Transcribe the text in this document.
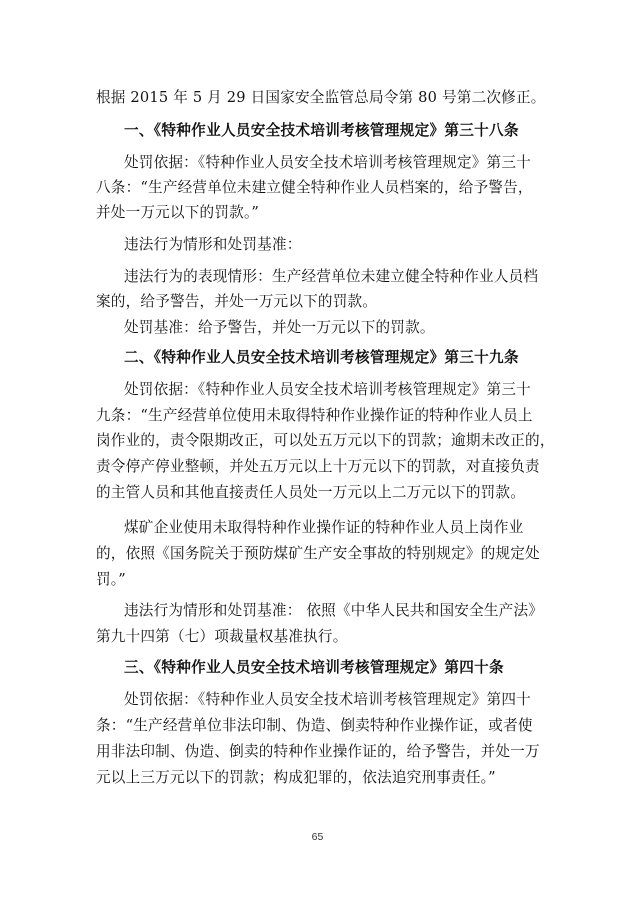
根据 2015 年 5 月 29 日国家安全监管总局令第 80 号第二次修正。
一、《特种作业人员安全技术培训考核管理规定》第三十八条
处罚依据：《特种作业人员安全技术培训考核管理规定》第三十
八条：“生产经营单位未建立健全特种作业人员档案的，给予警告，
并处一万元以下的罚款。”
违法行为情形和处罚基准：
违法行为的表现情形：生产经营单位未建立健全特种作业人员档
案的，给予警告，并处一万元以下的罚款。
处罚基准：给予警告，并处一万元以下的罚款。
二、《特种作业人员安全技术培训考核管理规定》第三十九条
处罚依据：《特种作业人员安全技术培训考核管理规定》第三十
九条：“生产经营单位使用未取得特种作业操作证的特种作业人员上
岗作业的，责令限期改正，可以处五万元以下的罚款；逾期未改正的，
责令停产停业整顿，并处五万元以上十万元以下的罚款，对直接负责
的主管人员和其他直接责任人员处一万元以上二万元以下的罚款。
煤矿企业使用未取得特种作业操作证的特种作业人员上岗作业
的，依照《国务院关于预防煤矿生产安全事故的特别规定》的规定处
罚。”
违法行为情形和处罚基准： 依照《中华人民共和国安全生产法》
第九十四第（七）项裁量权基准执行。
三、《特种作业人员安全技术培训考核管理规定》第四十条
处罚依据：《特种作业人员安全技术培训考核管理规定》第四十
条：“生产经营单位非法印制、伪造、倒卖特种作业操作证，或者使
用非法印制、伪造、倒卖的特种作业操作证的，给予警告，并处一万
元以上三万元以下的罚款；构成犯罪的，依法追究刑事责任。”
65
